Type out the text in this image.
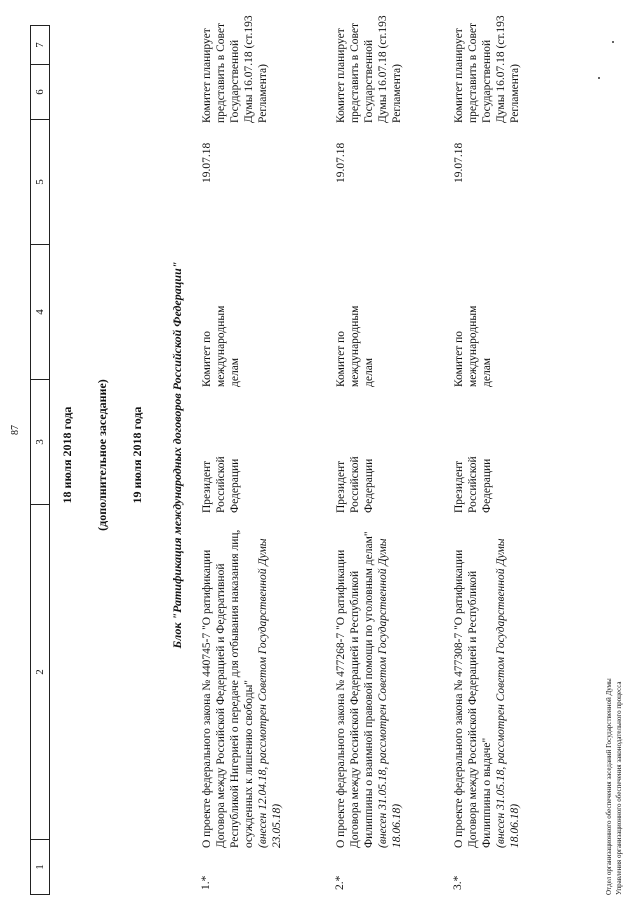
1
2
3
4
5
6
7
87	18 июля 2018 года (дополнительное заседание) 19 июля 2018 года Блок "Ратификация международных договоров Российской Федерации"
1.*
О проекте федерального закона № 440745-7 "О ратификации Договора между Российской Федерацией и Федеративной Республикой Нигерией о передаче для отбывания наказания лиц, осужденных к лишению свободы" (внесен 12.04.18, рассмотрен Советом Государственной Думы 23.05.18)
Президент Российской Федерации
Комитет по международным делам
19.07.18
Комитет планирует представить в Совет Государственной Думы 16.07.18 (ст.193 Регламента)
2.*
О проекте федерального закона № 477268-7 "О ратификации Договора между Российской Федерацией и Республикой Филиппины о взаимной правовой помощи по уголовным делам" (внесен 31.05.18, рассмотрен Советом Государственной Думы 18.06.18)
Президент Российской Федерации
Комитет по международным делам
19.07.18
Комитет планирует представить в Совет Государственной Думы 16.07.18 (ст.193 Регламента)
3.*
О проекте федерального закона № 477308-7 "О ратификации Договора между Российской Федерацией и Республикой Филиппины о выдаче" (внесен 31.05.18, рассмотрен Советом Государственной Думы 18.06.18)
Президент Российской Федерации
Комитет по международным делам
19.07.18
Комитет планирует представить в Совет Государственной Думы 16.07.18 (ст.193 Регламента)
Отдел организационного обеспечения заседаний Государственной Думы Управления организационного обеспечения законодательного процесса
